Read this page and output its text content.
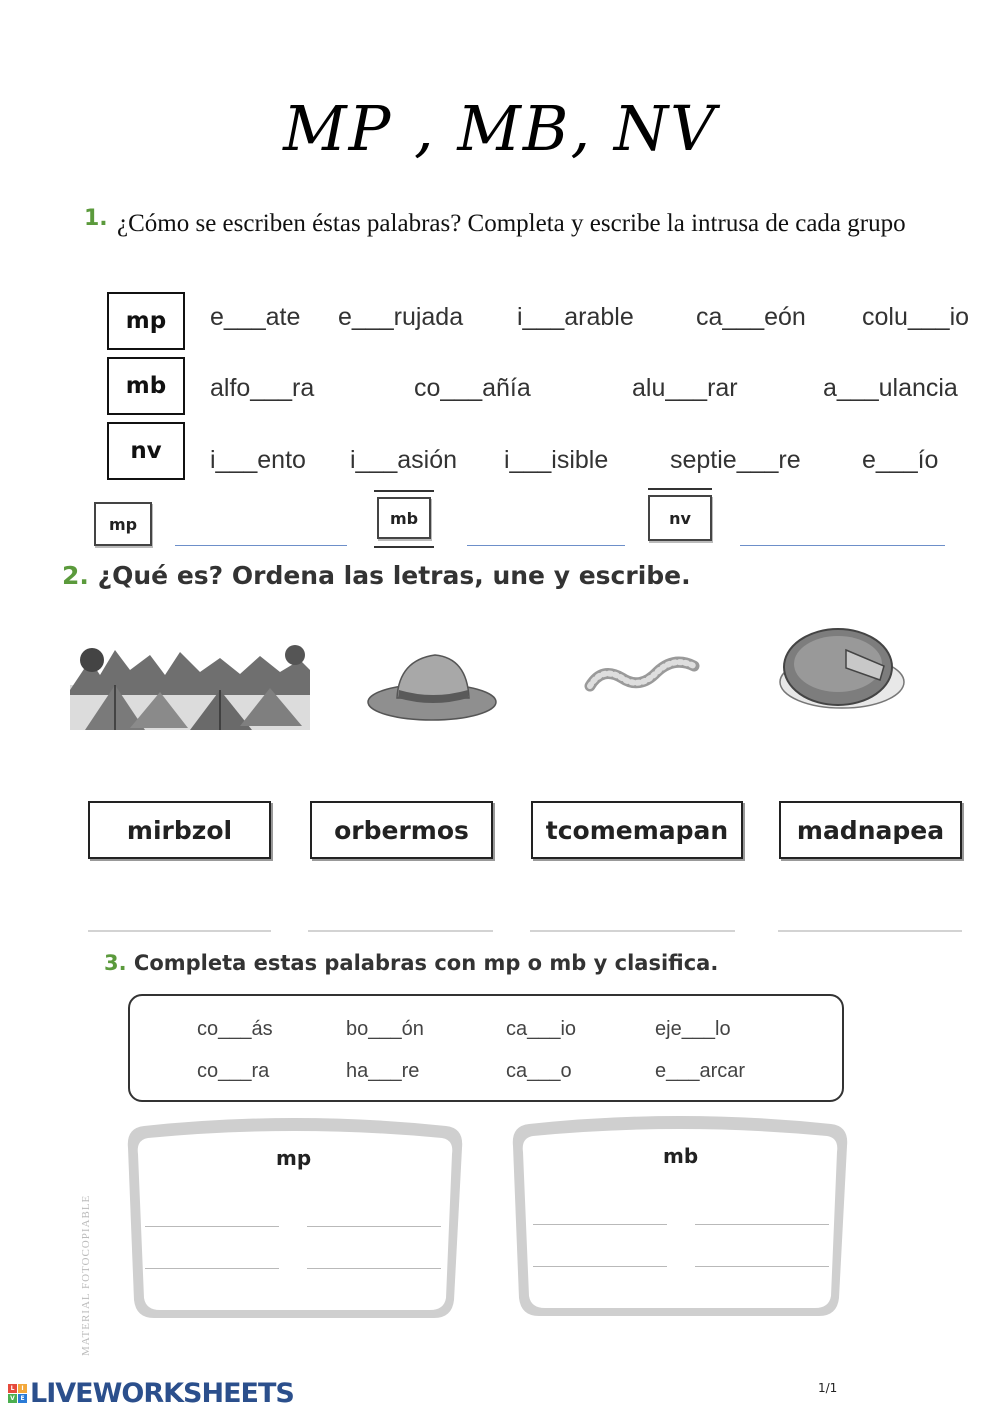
MP , MB, NV
1. ¿Cómo se escriben éstas palabras? Completa y escribe la intrusa de cada grupo
mp
mb
nv
e___ate e___rujada i___arable ca___eón colu___io
alfo___ra	co___añía	alu___rar	a___ulancia
i___ento i___asión i___isible septie___re e___ío
mp	mb	nv
2. ¿Qué es? Ordena las letras, une y escribe.
mirbzol	orbermos	tcomemapan	madnapea
3. Completa estas palabras con mp o mb y clasifica.
co___ás	bo___ón	ca___io	eje___lo
co___ra	ha___re	ca___o	e___arcar
mp	mb
MATERIAL FOTOCOPIABLE
L	I
V E LIVEWORKSHEETS	1/1
